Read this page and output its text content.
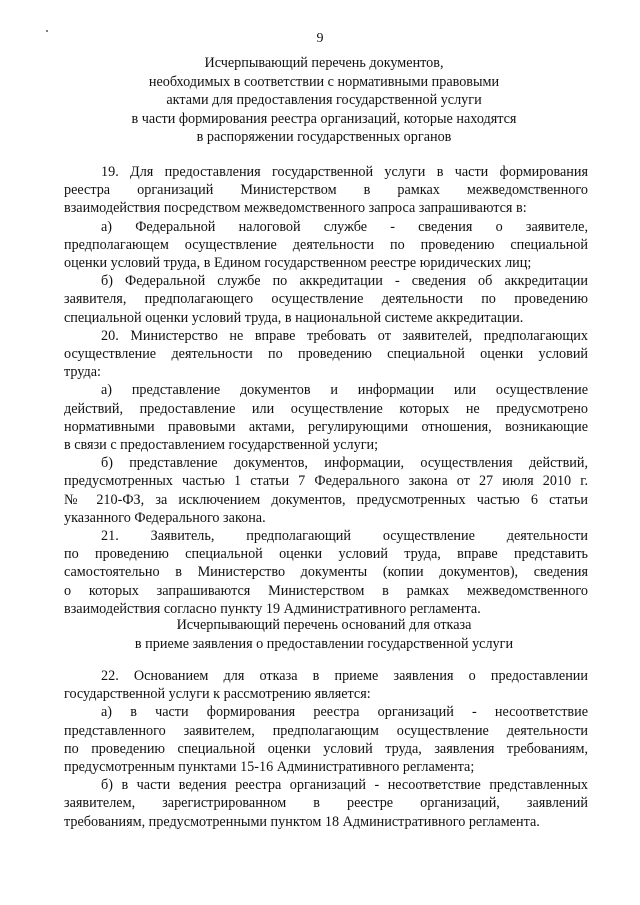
9
Исчерпывающий перечень документов,
необходимых в соответствии с нормативными правовыми
актами для предоставления государственной услуги
в части формирования реестра организаций, которые находятся
в распоряжении государственных органов
19. Для предоставления государственной услуги в части формирования
реестра организаций Министерством в рамках межведомственного
взаимодействия посредством межведомственного запроса запрашиваются в:
а) Федеральной налоговой службе - сведения о заявителе,
предполагающем осуществление деятельности по проведению специальной
оценки условий труда, в Едином государственном реестре юридических лиц;
б) Федеральной службе по аккредитации - сведения об аккредитации
заявителя, предполагающего осуществление деятельности по проведению
специальной оценки условий труда, в национальной системе аккредитации.
20. Министерство не вправе требовать от заявителей, предполагающих
осуществление деятельности по проведению специальной оценки условий
труда:
а) представление документов и информации или осуществление
действий, предоставление или осуществление которых не предусмотрено
нормативными правовыми актами, регулирующими отношения, возникающие
в связи с предоставлением государственной услуги;
б) представление документов, информации, осуществления действий,
предусмотренных частью 1 статьи 7 Федерального закона от 27 июля 2010 г.
№ 210-ФЗ, за исключением документов, предусмотренных частью 6 статьи
указанного Федерального закона.
21. Заявитель, предполагающий осуществление деятельности
по проведению специальной оценки условий труда, вправе представить
самостоятельно в Министерство документы (копии документов), сведения
о которых запрашиваются Министерством в рамках межведомственного
взаимодействия согласно пункту 19 Административного регламента.
Исчерпывающий перечень оснований для отказа
в приеме заявления о предоставлении государственной услуги
22. Основанием для отказа в приеме заявления о предоставлении
государственной услуги к рассмотрению является:
а) в части формирования реестра организаций - несоответствие
представленного заявителем, предполагающим осуществление деятельности
по проведению специальной оценки условий труда, заявления требованиям,
предусмотренным пунктами 15-16 Административного регламента;
б) в части ведения реестра организаций - несоответствие представленных
заявителем, зарегистрированном в реестре организаций, заявлений
требованиям, предусмотренными пунктом 18 Административного регламента.
